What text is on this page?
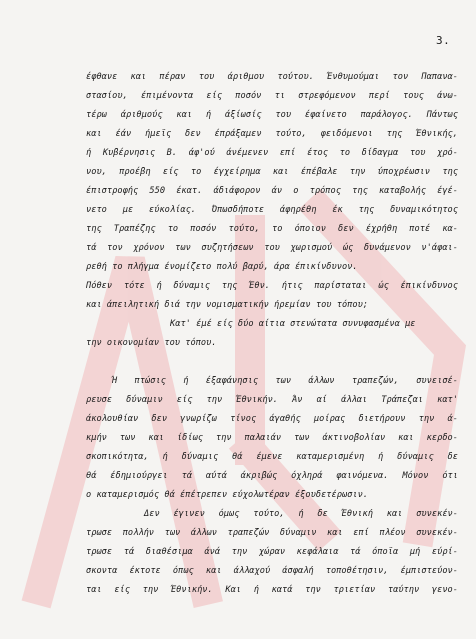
3.
έφθανε και πέραν του άριθμου τούτου. Ένθυμούμαι τον Παπανα-
στασίου, έπιμένοντα είς ποσόν τι στρεφόμενον περί τους άνω-
τέρω άριθμούς και ή άξίωσίς του έφαίνετο παράλογος. Πάντως
και έάν ήμεϊς δεν έπράξαμεν τούτο, φειδόμενοι της Έθνικής,
ή Κυβέρνησις Β. άφ'ού άνέμενεν επί έτος το δίδαγμα του χρό-
νου, προέβη είς το έγχείρημα και έπέβαλε την ύποχρέωσιν της
έπιστροφής 550 έκατ. άδιάφορον άν ο τρόπος της καταβολής έγέ-
νετο με εύκολίας. Όπωσδήποτε άφηρέθη έκ της δυναμικότητος
της Τραπέζης το ποσόν τούτο, το όποιον δεν έχρήθη ποτέ κα-
τά τον χρόνον των συζητήσεων του χωρισμού ώς δυνάμενον ν'άφαι-
ρεθή το πλήγμα ένομίζετο πολύ βαρύ, άρα έπικίνδυνον.
Πόθεν τότε ή δύναμις της Έθν. ήτις παρίσταται ώς έπικίνδυνος
και άπειλητική διά την νομισματικήν ήρεμίαν του τόπου;
Κατ' έμέ είς δύο αίτια στενώτατα συνυφασμένα με
την οικονομίαν του τόπου.
Ή πτώσις ή έξαφάνησις των άλλων τραπεζών, συνεισέ-
ρευσε δύναμιν είς την Έθνικήν. Άν αί άλλαι Τράπεζαι κατ'
άκολουθίαν δεν γνωρίζω τίνος άγαθής μοίρας διετήρουν την ά-
κμήν των και ίδίως την παλαιάν των άκτινοβολίαν και κερδο-
σκοπικότητα, ή δύναμις θά έμενε καταμερισμένη ή δύναμις δε
θά έδημιούργει τά αύτά άκριβώς όχληρά φαινόμενα. Μόνον ότι
ο καταμερισμός θά έπέτρεπεν εύχολωτέραν έξουδετέρωσιν.
Δεν έγινεν όμως τούτο, ή δε Έθνική και συνεκέν-
τρωσε πολλήν των άλλων τραπεζών δύναμιν και επί πλέον συνεκέν-
τρωσε τά διαθέσιμα άνά την χώραν κεφάλαια τά όποϊα μή εύρί-
σκοντα έκτοτε όπως και άλλαχού άσφαλή τοποθέτησιν, έμπιστεύον-
ται είς την Έθνικήν. Και ή κατά την τριετίαν ταύτην γενο-
